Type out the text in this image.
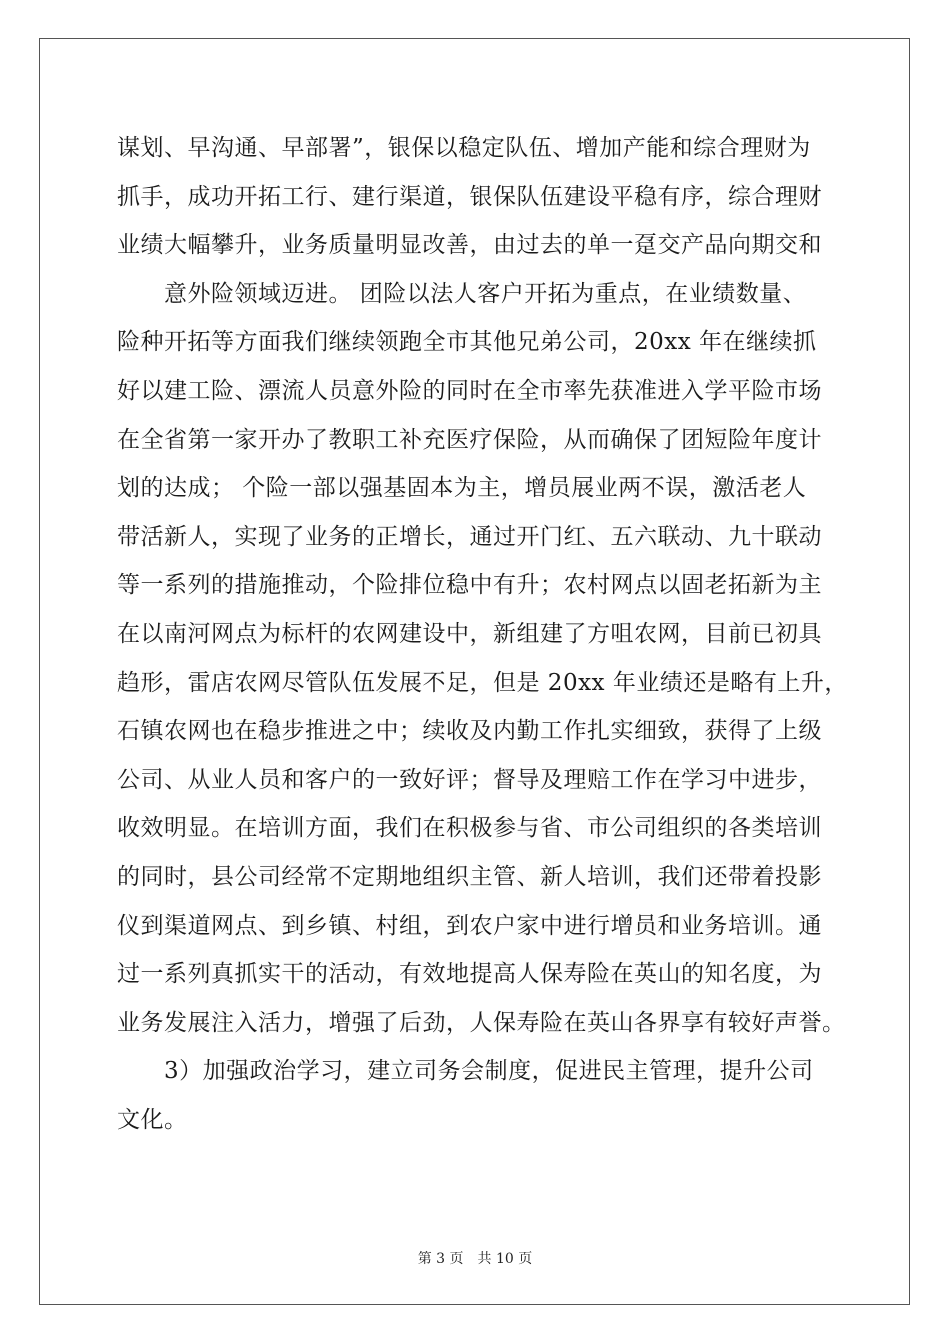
谋划、早沟通、早部署”，银保以稳定队伍、增加产能和综合理财为
抓手，成功开拓工行、建行渠道，银保队伍建设平稳有序，综合理财
业绩大幅攀升，业务质量明显改善，由过去的单一趸交产品向期交和
意外险领域迈进。 团险以法人客户开拓为重点，在业绩数量、
险种开拓等方面我们继续领跑全市其他兄弟公司，20xx 年在继续抓
好以建工险、漂流人员意外险的同时在全市率先获准进入学平险市场
在全省第一家开办了教职工补充医疗保险，从而确保了团短险年度计
划的达成； 个险一部以强基固本为主，增员展业两不误，激活老人
带活新人，实现了业务的正增长，通过开门红、五六联动、九十联动
等一系列的措施推动，个险排位稳中有升；农村网点以固老拓新为主
在以南河网点为标杆的农网建设中，新组建了方咀农网，目前已初具
趋形，雷店农网尽管队伍发展不足，但是 20xx 年业绩还是略有上升，
石镇农网也在稳步推进之中；续收及内勤工作扎实细致，获得了上级
公司、从业人员和客户的一致好评；督导及理赔工作在学习中进步，
收效明显。在培训方面，我们在积极参与省、市公司组织的各类培训
的同时，县公司经常不定期地组织主管、新人培训，我们还带着投影
仪到渠道网点、到乡镇、村组，到农户家中进行增员和业务培训。通
过一系列真抓实干的活动，有效地提高人保寿险在英山的知名度，为
业务发展注入活力，增强了后劲，人保寿险在英山各界享有较好声誉。
3）加强政治学习，建立司务会制度，促进民主管理，提升公司
文化。
第 3 页　共 10 页
